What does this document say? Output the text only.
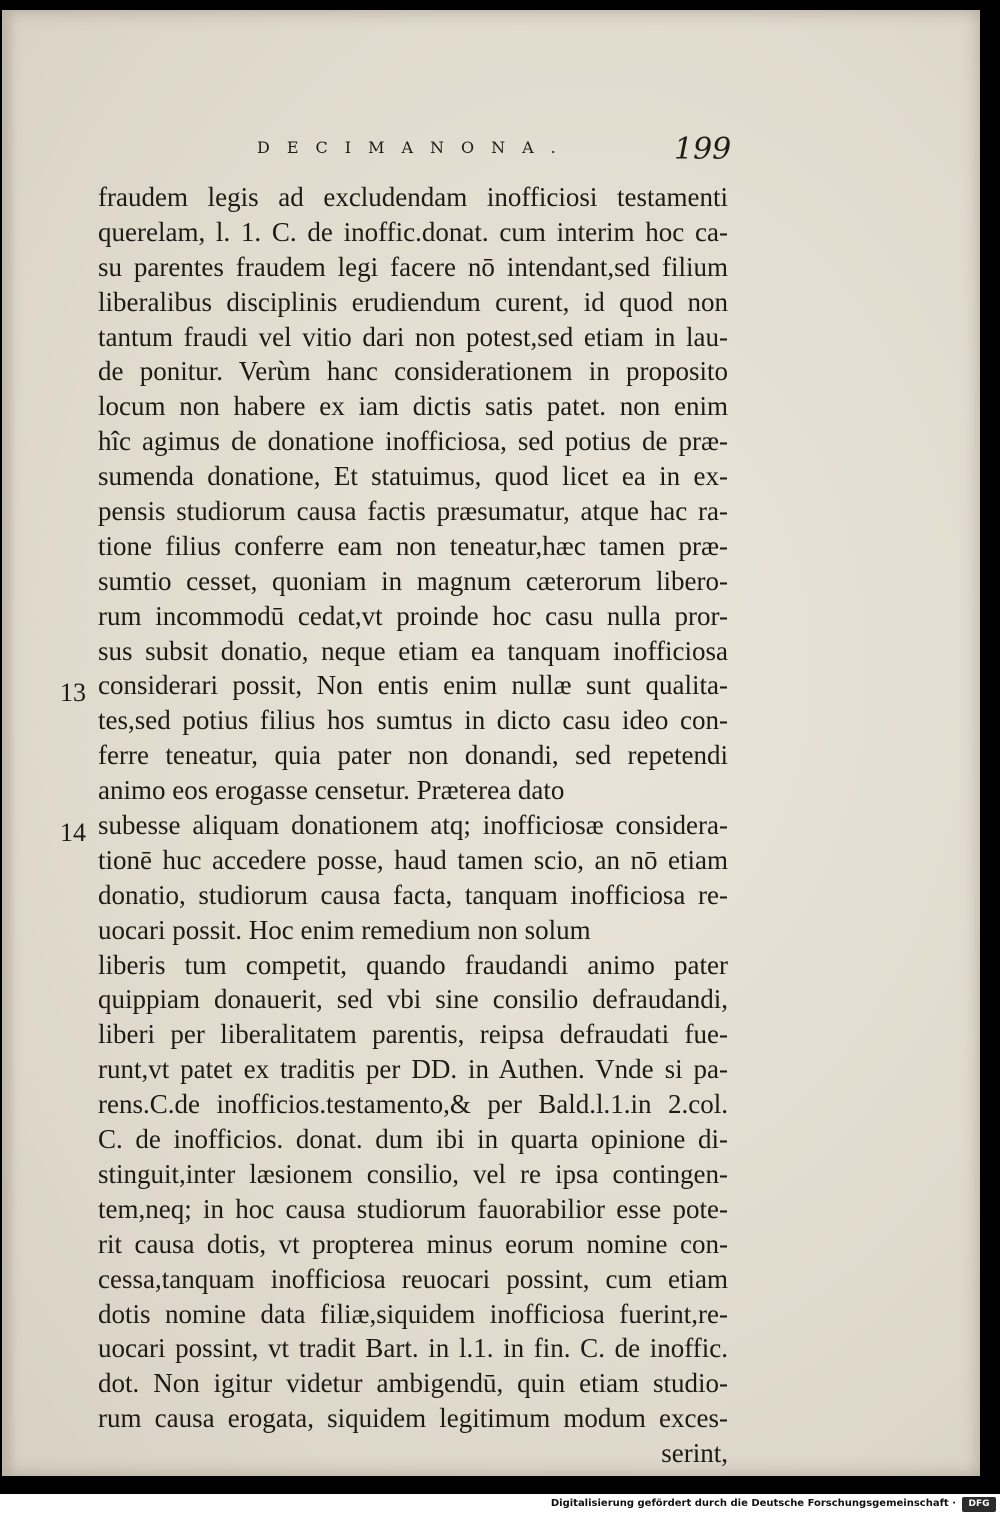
DECIMANONA.	199
fraudem legis ad excludendam inofficiosi testamenti
querelam, l. 1. C. de inoffic.donat. cum interim hoc ca-
su parentes fraudem legi facere nō intendant,sed filium
liberalibus disciplinis erudiendum curent, id quod non
tantum fraudi vel vitio dari non potest,sed etiam in lau-
de ponitur. Verùm hanc considerationem in proposito
locum non habere ex iam dictis satis patet. non enim
hîc agimus de donatione inofficiosa, sed potius de præ-
sumenda donatione, Et statuimus, quod licet ea in ex-
pensis studiorum causa factis præsumatur, atque hac ra-
tione filius conferre eam non teneatur,hæc tamen præ-
sumtio cesset, quoniam in magnum cæterorum libero-
rum incommodū cedat,vt proinde hoc casu nulla pror-
sus subsit donatio, neque etiam ea tanquam inofficiosa
considerari possit, Non entis enim nullæ sunt qualita-
tes,sed potius filius hos sumtus in dicto casu ideo con-
ferre teneatur, quia pater non donandi, sed repetendi
animo eos erogasse censetur. Præterea dato
subesse aliquam donationem atq; inofficiosæ considera-
tionē huc accedere posse, haud tamen scio, an nō etiam
donatio, studiorum causa facta, tanquam inofficiosa re-
uocari possit. Hoc enim remedium non solum
liberis tum competit, quando fraudandi animo pater
quippiam donauerit, sed vbi sine consilio defraudandi,
liberi per liberalitatem parentis, reipsa defraudati fue-
runt,vt patet ex traditis per DD. in Authen. Vnde si pa-
rens.C.de inofficios.testamento,& per Bald.l.1.in 2.col.
C. de inofficios. donat. dum ibi in quarta opinione di-
stinguit,inter læsionem consilio, vel re ipsa contingen-
tem,neq; in hoc causa studiorum fauorabilior esse pote-
rit causa dotis, vt propterea minus eorum nomine con-
cessa,tanquam inofficiosa reuocari possint, cum etiam
dotis nomine data filiæ,siquidem inofficiosa fuerint,re-
uocari possint, vt tradit Bart. in l.1. in fin. C. de inoffic.
dot. Non igitur videtur ambigendū, quin etiam studio-
rum causa erogata, siquidem legitimum modum exces-
serint,
13
14
Digitalisierung gefördert durch die Deutsche Forschungsgemeinschaft ·	DFG
